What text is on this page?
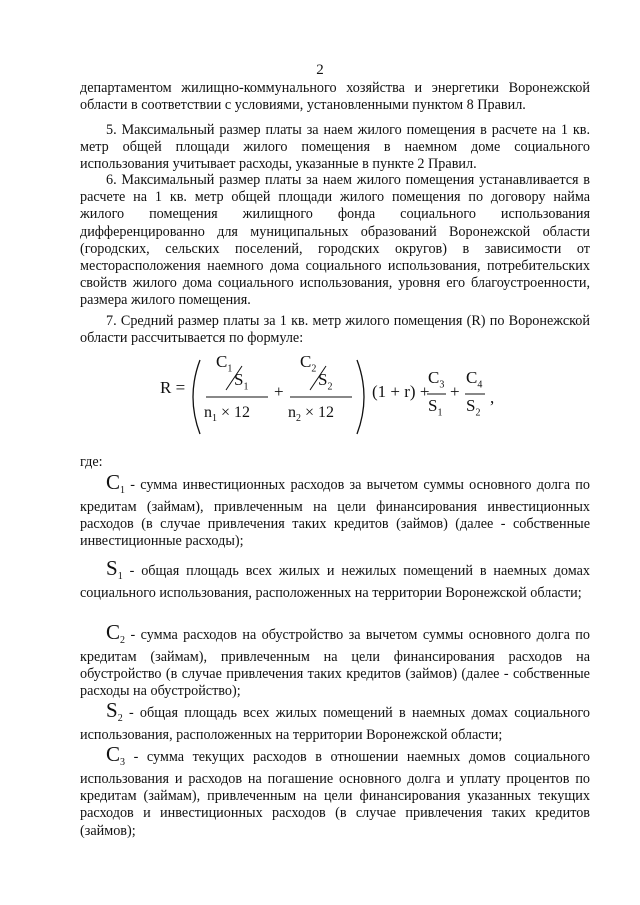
2

департаментом жилищно-коммунального хозяйства и энергетики Воронежской области в соответствии с условиями, установленными пунктом 8 Правил.

5. Максимальный размер платы за наем жилого помещения в расчете на 1 кв. метр общей площади жилого помещения в наемном доме социального использования учитывает расходы, указанные в пункте 2 Правил.

6. Максимальный размер платы за наем жилого помещения устанавливается в расчете на 1 кв. метр общей площади жилого помещения по договору найма жилого помещения жилищного фонда социального использования дифференцированно для муниципальных образований Воронежской области (городских, сельских поселений, городских округов) в зависимости от месторасположения наемного дома социального использования, потребительских свойств жилого дома социального использования, уровня его благоустроенности, размера жилого помещения.

7. Средний размер платы за 1 кв. метр жилого помещения (R) по Воронежской области рассчитывается по формуле:

R =
$C_1$
$S_1$
$n_1 \times 12$
+
$C_2$
$S_2$
$n_2 \times 12$
(1 + r) +
$C_3$
$S_1$
+
$C_4$
$S_2$
,
где:

$C_1$ - сумма инвестиционных расходов за вычетом суммы основного долга по кредитам (займам), привлеченным на цели финансирования инвестиционных расходов (в случае привлечения таких кредитов (займов) (далее - собственные инвестиционные расходы);

$S_1$ - общая площадь всех жилых и нежилых помещений в наемных домах социального использования, расположенных на территории Воронежской области;

$C_2$ - сумма расходов на обустройство за вычетом суммы основного долга по кредитам (займам), привлеченным на цели финансирования расходов на обустройство (в случае привлечения таких кредитов (займов) (далее - собственные расходы на обустройство);

$S_2$ - общая площадь всех жилых помещений в наемных домах социального использования, расположенных на территории Воронежской области;

$C_3$ - сумма текущих расходов в отношении наемных домов социального использования и расходов на погашение основного долга и уплату процентов по кредитам (займам), привлеченным на цели финансирования указанных текущих расходов и инвестиционных расходов (в случае привлечения таких кредитов (займов);
